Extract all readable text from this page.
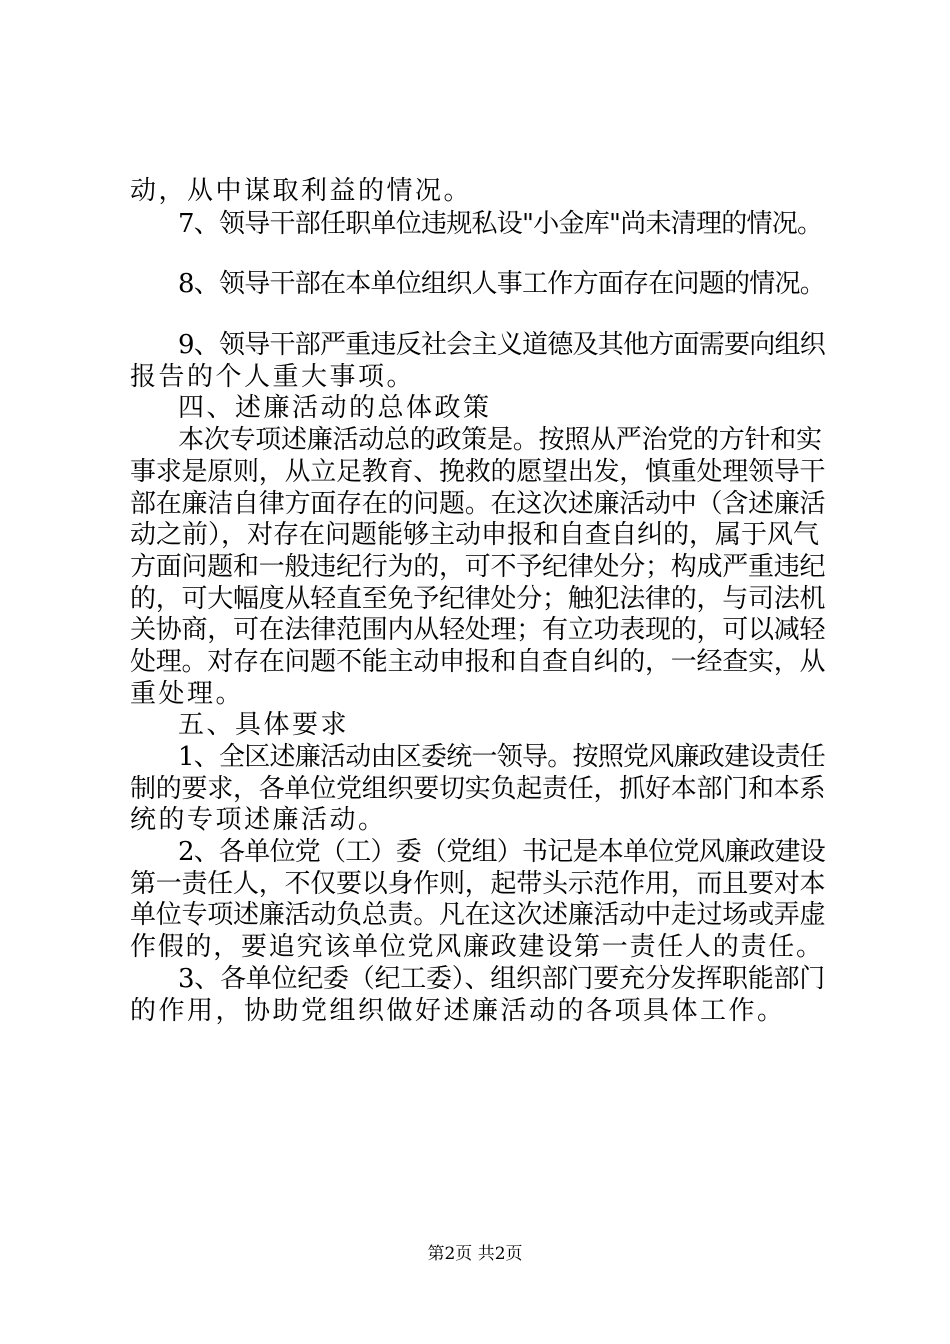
动，从中谋取利益的情况。
7、领导干部任职单位违规私设"小金库"尚未清理的情况。
8、领导干部在本单位组织人事工作方面存在问题的情况。
9、领导干部严重违反社会主义道德及其他方面需要向组织
报告的个人重大事项。
四、述廉活动的总体政策
本次专项述廉活动总的政策是。按照从严治党的方针和实
事求是原则，从立足教育、挽救的愿望出发，慎重处理领导干
部在廉洁自律方面存在的问题。在这次述廉活动中（含述廉活
动之前），对存在问题能够主动申报和自查自纠的，属于风气
方面问题和一般违纪行为的，可不予纪律处分；构成严重违纪
的，可大幅度从轻直至免予纪律处分；触犯法律的，与司法机
关协商，可在法律范围内从轻处理；有立功表现的，可以减轻
处理。对存在问题不能主动申报和自查自纠的，一经查实，从
重处理。
五、具体要求
1、全区述廉活动由区委统一领导。按照党风廉政建设责任
制的要求，各单位党组织要切实负起责任，抓好本部门和本系
统的专项述廉活动。
2、各单位党（工）委（党组）书记是本单位党风廉政建设
第一责任人，不仅要以身作则，起带头示范作用，而且要对本
单位专项述廉活动负总责。凡在这次述廉活动中走过场或弄虚
作假的，要追究该单位党风廉政建设第一责任人的责任。
3、各单位纪委（纪工委）、组织部门要充分发挥职能部门
的作用，协助党组织做好述廉活动的各项具体工作。
第2页 共2页
